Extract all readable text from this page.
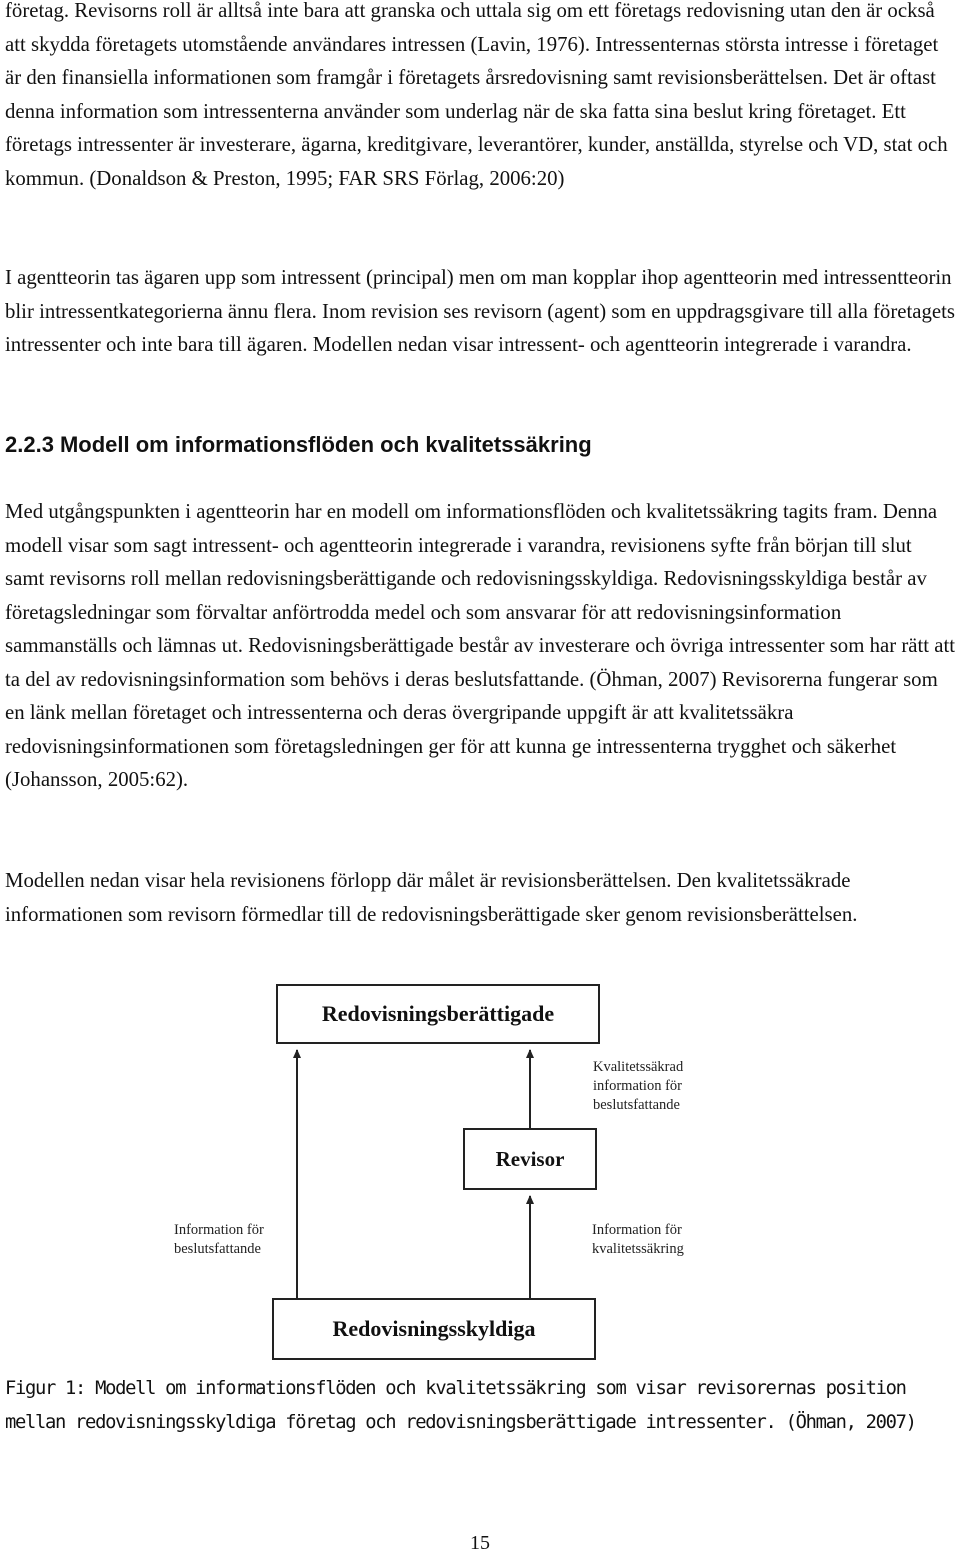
företag. Revisorns roll är alltså inte bara att granska och uttala sig om ett företags redovisning utan den är också att skydda företagets utomstående användares intressen (Lavin, 1976). Intressenternas största intresse i företaget är den finansiella informationen som framgår i företagets årsredovisning samt revisionsberättelsen. Det är oftast denna information som intressenterna använder som underlag när de ska fatta sina beslut kring företaget. Ett företags intressenter är investerare, ägarna, kreditgivare, leverantörer, kunder, anställda, styrelse och VD, stat och kommun. (Donaldson & Preston, 1995; FAR SRS Förlag, 2006:20)

I agentteorin tas ägaren upp som intressent (principal) men om man kopplar ihop agentteorin med intressentteorin blir intressentkategorierna ännu flera. Inom revision ses revisorn (agent) som en uppdragsgivare till alla företagets intressenter och inte bara till ägaren. Modellen nedan visar intressent- och agentteorin integrerade i varandra.

2.2.3 Modell om informationsflöden och kvalitetssäkring

Med utgångspunkten i agentteorin har en modell om informationsflöden och kvalitetssäkring tagits fram. Denna modell visar som sagt intressent- och agentteorin integrerade i varandra, revisionens syfte från början till slut samt revisorns roll mellan redovisningsberättigande och redovisningsskyldiga. Redovisningsskyldiga består av företagsledningar som förvaltar anförtrodda medel och som ansvarar för att redovisningsinformation sammanställs och lämnas ut. Redovisningsberättigade består av investerare och övriga intressenter som har rätt att ta del av redovisningsinformation som behövs i deras beslutsfattande. (Öhman, 2007) Revisorerna fungerar som en länk mellan företaget och intressenterna och deras övergripande uppgift är att kvalitetssäkra redovisningsinformationen som företagsledningen ger för att kunna ge intressenterna trygghet och säkerhet (Johansson, 2005:62).

Modellen nedan visar hela revisionens förlopp där målet är revisionsberättelsen. Den kvalitetssäkrade informationen som revisorn förmedlar till de redovisningsberättigade sker genom revisionsberättelsen.

Redovisningsberättigade
Revisor
Redovisningsskyldiga
Kvalitetssäkrad
information för
beslutsfattande
Information för
beslutsfattande
Information för
kvalitetssäkring

Figur 1: Modell om informationsflöden och kvalitetssäkring som visar revisorernas position mellan redovisningsskyldiga företag och redovisningsberättigade intressenter. (Öhman, 2007)

15
